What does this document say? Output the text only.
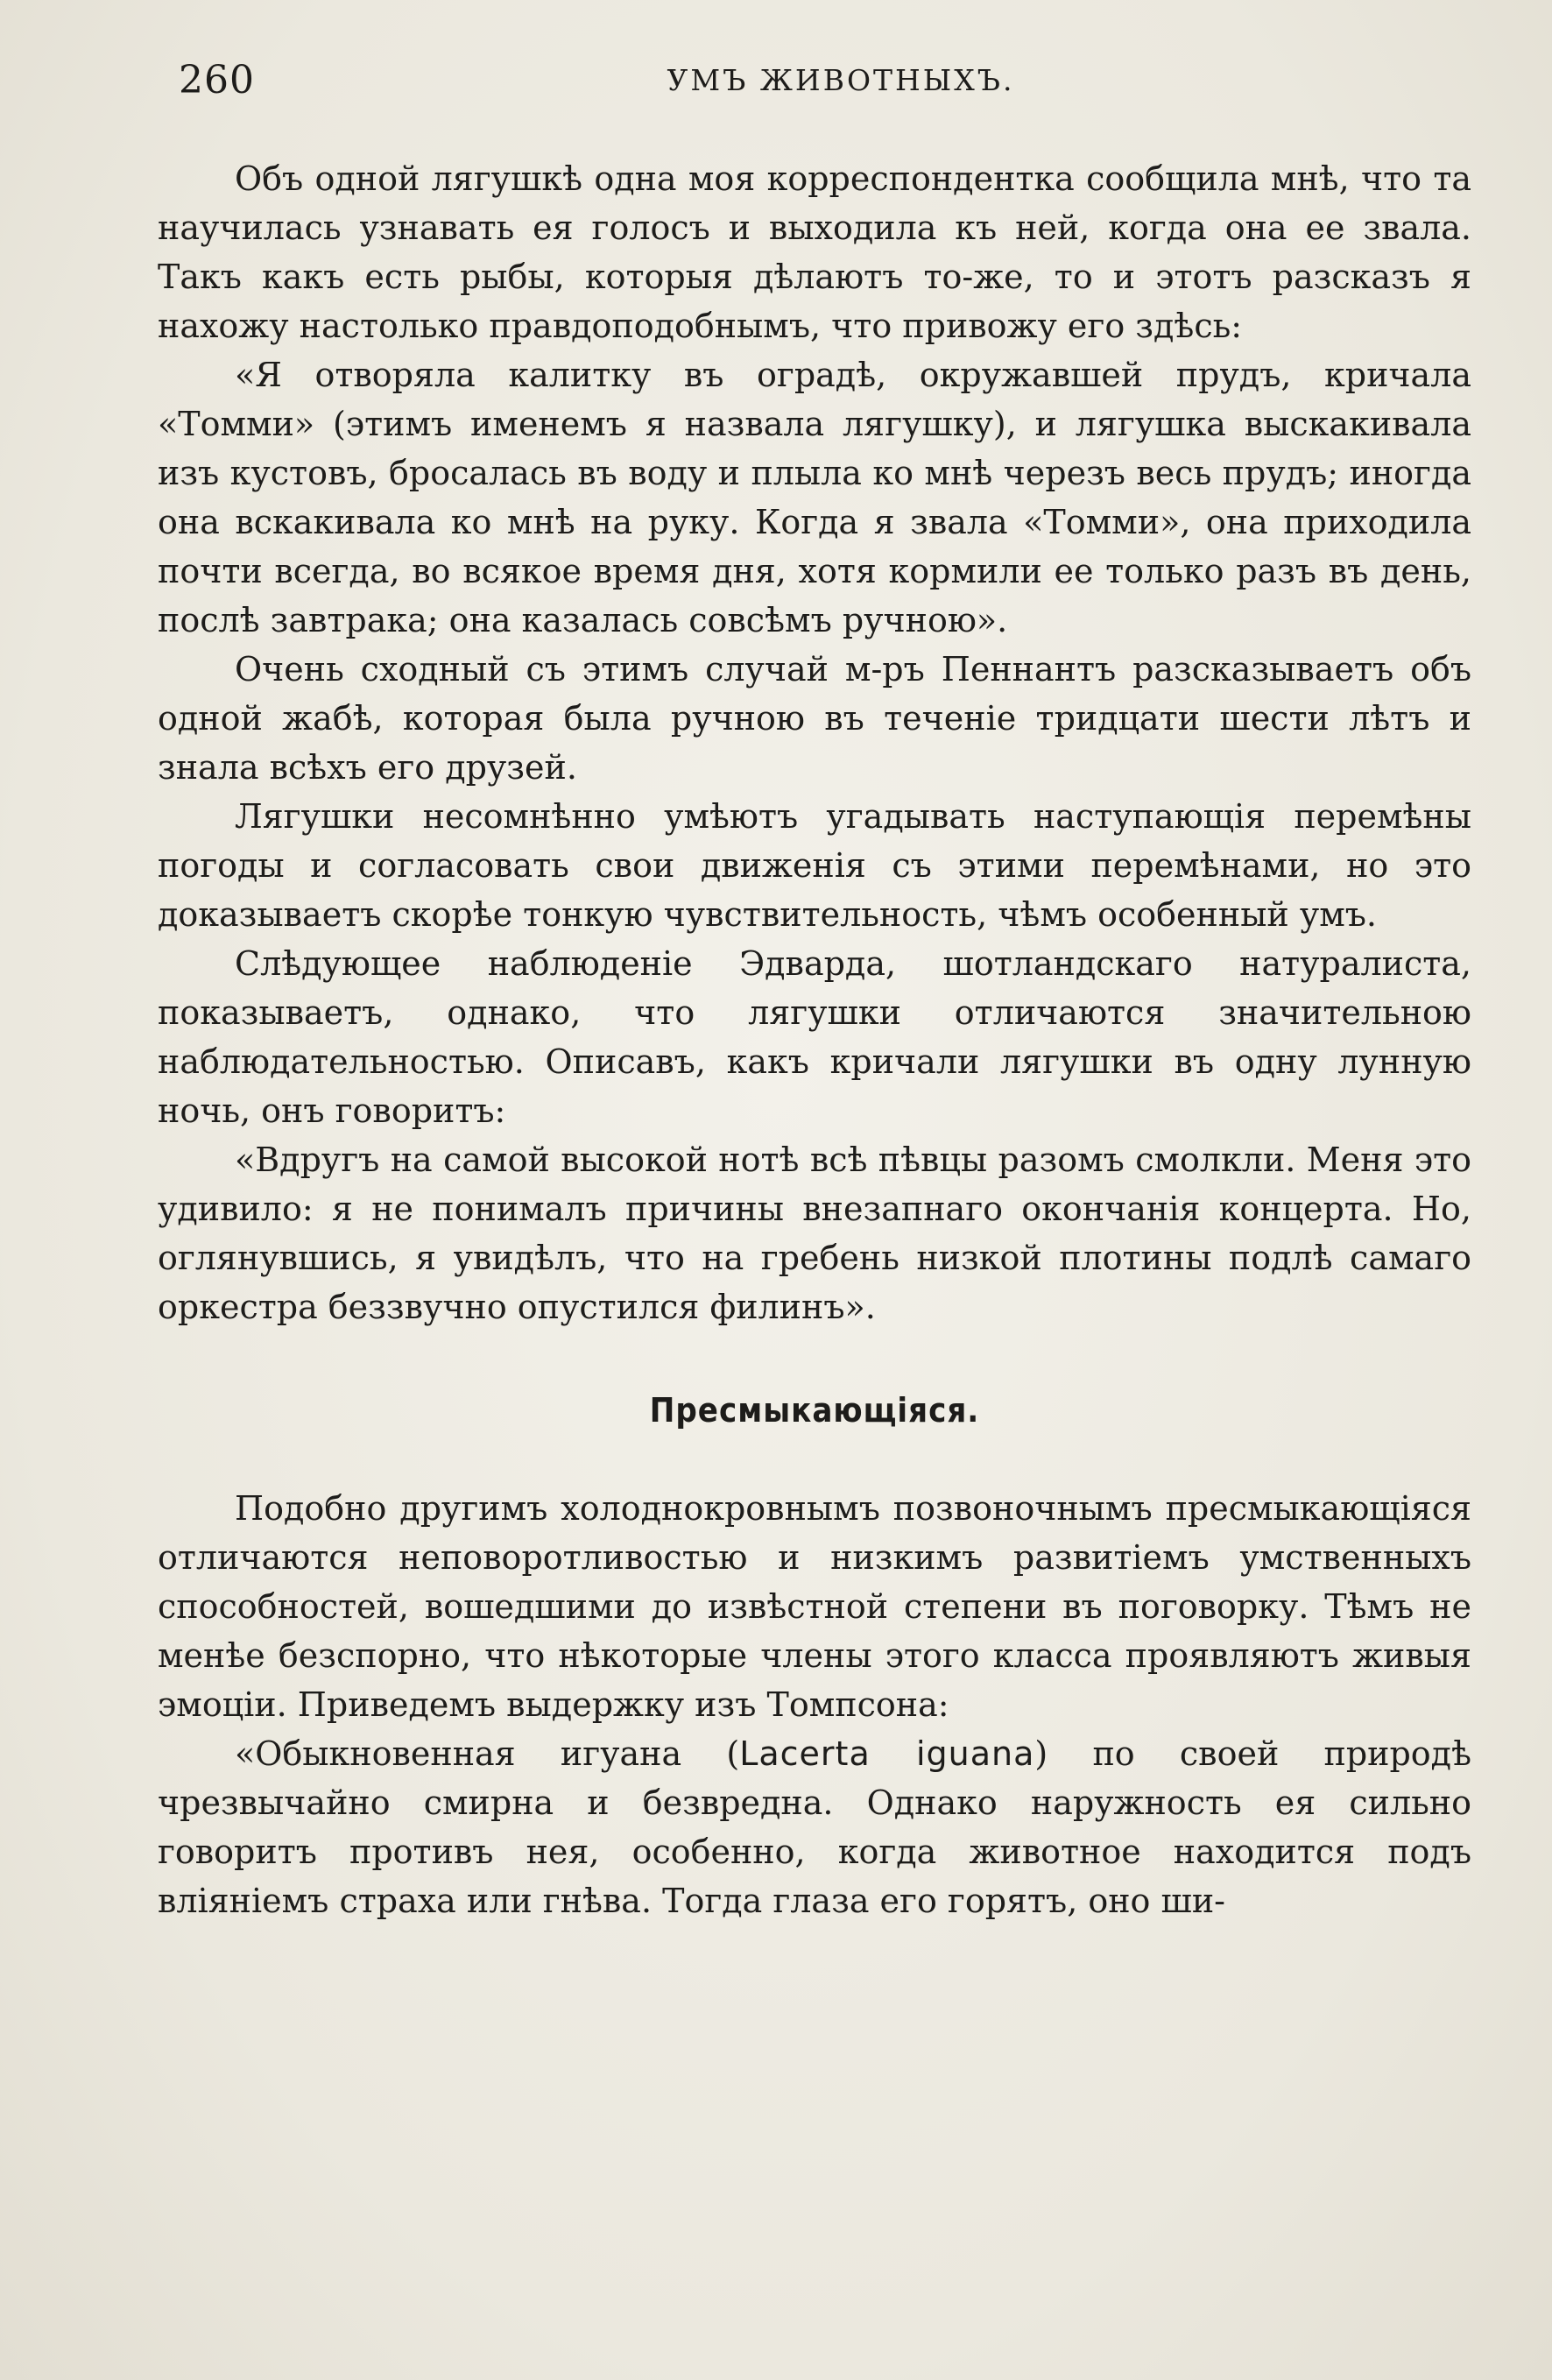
260	УМЪ ЖИВОТНЫХЪ.

Объ одной лягушкѣ одна моя корреспондентка сообщила мнѣ, что та научилась узнавать ея голосъ и выходила къ ней, когда она ее звала. Такъ какъ есть рыбы, которыя дѣлаютъ то-же, то и этотъ разсказъ я нахожу настолько правдоподобнымъ, что привожу его здѣсь:

«Я отворяла калитку въ оградѣ, окружавшей прудъ, кричала «Томми» (этимъ именемъ я назвала лягушку), и лягушка выскакивала изъ кустовъ, бросалась въ воду и плыла ко мнѣ черезъ весь прудъ; иногда она вскакивала ко мнѣ на руку. Когда я звала «Томми», она приходила почти всегда, во всякое время дня, хотя кормили ее только разъ въ день, послѣ завтрака; она казалась совсѣмъ ручною».

Очень сходный съ этимъ случай м-ръ Пеннантъ разсказываетъ объ одной жабѣ, которая была ручною въ теченіе тридцати шести лѣтъ и знала всѣхъ его друзей.

Лягушки несомнѣнно умѣютъ угадывать наступающія перемѣны погоды и согласовать свои движенія съ этими перемѣнами, но это доказываетъ скорѣе тонкую чувствительность, чѣмъ особенный умъ.

Слѣдующее наблюденіе Эдварда, шотландскаго натуралиста, показываетъ, однако, что лягушки отличаются значительною наблюдательностью. Описавъ, какъ кричали лягушки въ одну лунную ночь, онъ говоритъ:

«Вдругъ на самой высокой нотѣ всѣ пѣвцы разомъ смолкли. Меня это удивило: я не понималъ причины внезапнаго окончанія концерта. Но, оглянувшись, я увидѣлъ, что на гребень низкой плотины подлѣ самаго оркестра беззвучно опустился филинъ».

Пресмыкающіяся.

Подобно другимъ холоднокровнымъ позвоночнымъ пресмыкающіяся отличаются неповоротливостью и низкимъ развитіемъ умственныхъ способностей, вошедшими до извѣстной степени въ поговорку. Тѣмъ не менѣе безспорно, что нѣкоторые члены этого класса проявляютъ живыя эмоціи. Приведемъ выдержку изъ Томпсона:

«Обыкновенная игуана (Lacerta iguana) по своей природѣ чрезвычайно смирна и безвредна. Однако наружность ея сильно говоритъ противъ нея, особенно, когда животное находится подъ вліяніемъ страха или гнѣва. Тогда глаза его горятъ, оно ши-
